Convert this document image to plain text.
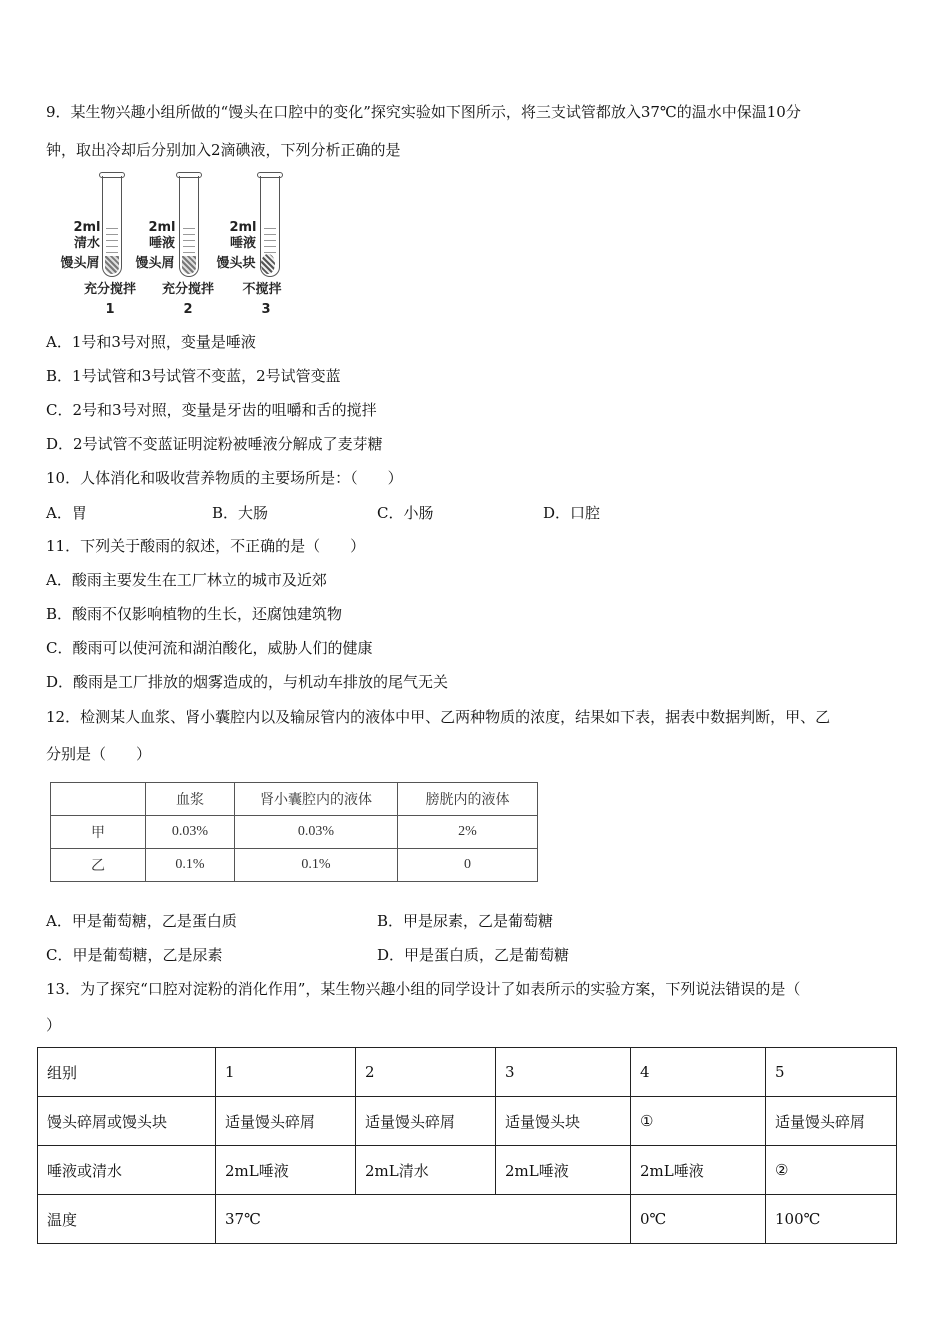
9．某生物兴趣小组所做的“馒头在口腔中的变化”探究实验如下图所示，将三支试管都放入37℃的温水中保温10分
钟，取出冷却后分别加入2滴碘液，下列分析正确的是
2ml
清水
馒头屑
充分搅拌
1
2ml
唾液
馒头屑
充分搅拌
2
2ml
唾液
馒头块
不搅拌
3
A．1号和3号对照，变量是唾液
B．1号试管和3号试管不变蓝，2号试管变蓝
C．2号和3号对照，变量是牙齿的咀嚼和舌的搅拌
D．2号试管不变蓝证明淀粉被唾液分解成了麦芽糖
10．人体消化和吸收营养物质的主要场所是：（　　）
A．胃	B．大肠	C．小肠	D．口腔
11．下列关于酸雨的叙述，不正确的是（　　）
A．酸雨主要发生在工厂林立的城市及近郊
B．酸雨不仅影响植物的生长，还腐蚀建筑物
C．酸雨可以使河流和湖泊酸化，威胁人们的健康
D．酸雨是工厂排放的烟雾造成的，与机动车排放的尾气无关
12．检测某人血浆、肾小囊腔内以及输尿管内的液体中甲、乙两种物质的浓度，结果如下表，据表中数据判断，甲、乙
分别是（　　）
	血浆	肾小囊腔内的液体	膀胱内的液体
甲	0.03%	0.03%	2%
乙	0.1%	0.1%	0
A．甲是葡萄糖，乙是蛋白质	B．甲是尿素，乙是葡萄糖
C．甲是葡萄糖，乙是尿素	D．甲是蛋白质，乙是葡萄糖
13．为了探究“口腔对淀粉的消化作用”，某生物兴趣小组的同学设计了如表所示的实验方案，下列说法错误的是（
）
组别	1	2	3	4	5
馒头碎屑或馒头块	适量馒头碎屑	适量馒头碎屑	适量馒头块	①	适量馒头碎屑
唾液或清水	2mL唾液	2mL清水	2mL唾液	2mL唾液	②
温度	37℃			0℃	100℃
